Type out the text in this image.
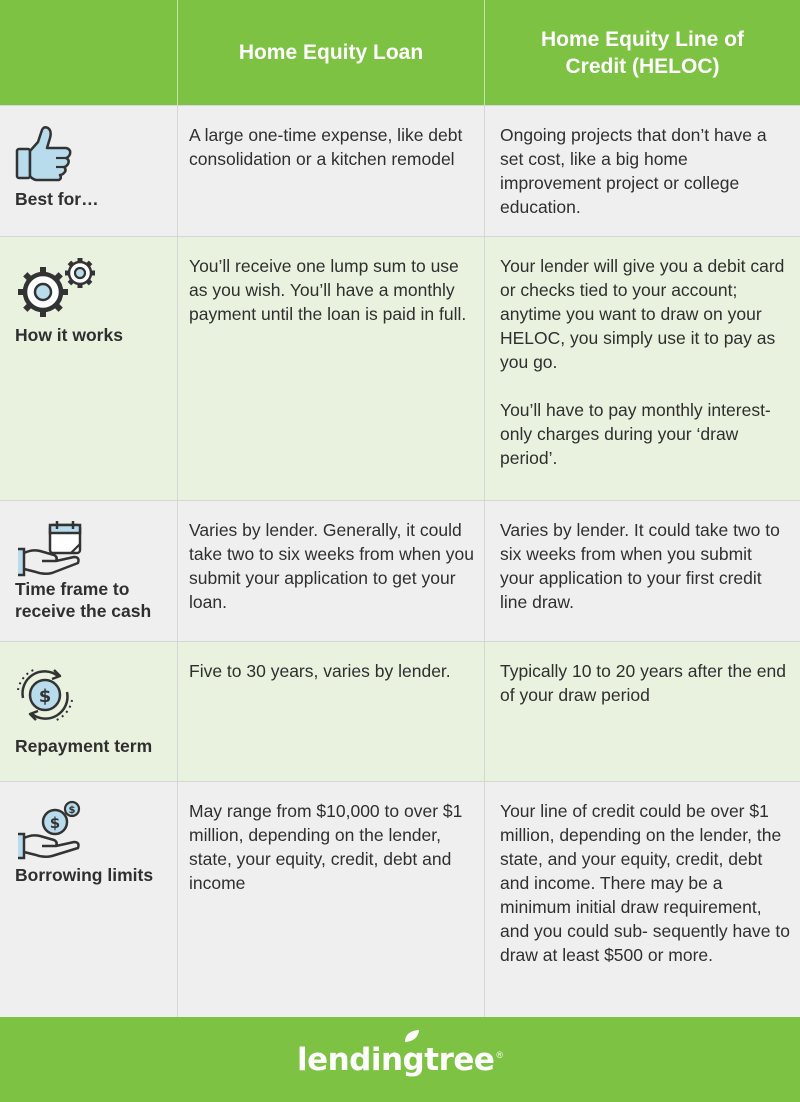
Home Equity Loan
Home Equity Line of Credit (HELOC)
Best for…

A large one-time expense, like debt consolidation or a kitchen remodel

Ongoing projects that don’t have a set cost, like a big home improvement project or college education.

How it works

You’ll receive one lump sum to use as you wish. You’ll have a monthly payment until the loan is paid in full.

Your lender will give you a debit card or checks tied to your account; anytime you want to draw on your HELOC, you simply use it to pay as you go.

You’ll have to pay monthly interest-only charges during your ‘draw period’.

Time frame to receive the cash

Varies by lender. Generally, it could take two to six weeks from when you submit your application to get your loan.

Varies by lender. It could take two to six weeks from when you submit your application to your first credit line draw.

$
Repayment term

Five to 30 years, varies by lender.	Typically 10 to 20 years after the end of your draw period

$
$
Borrowing limits

May range from $10,000 to over $1 million, depending on the lender, state, your equity, credit, debt and income

Your line of credit could be over $1 million, depending on the lender, the state, and your equity, credit, debt and income. There may be a minimum initial draw requirement, and you could sub- sequently have to draw at least $500 or more.

lendingtree ®
